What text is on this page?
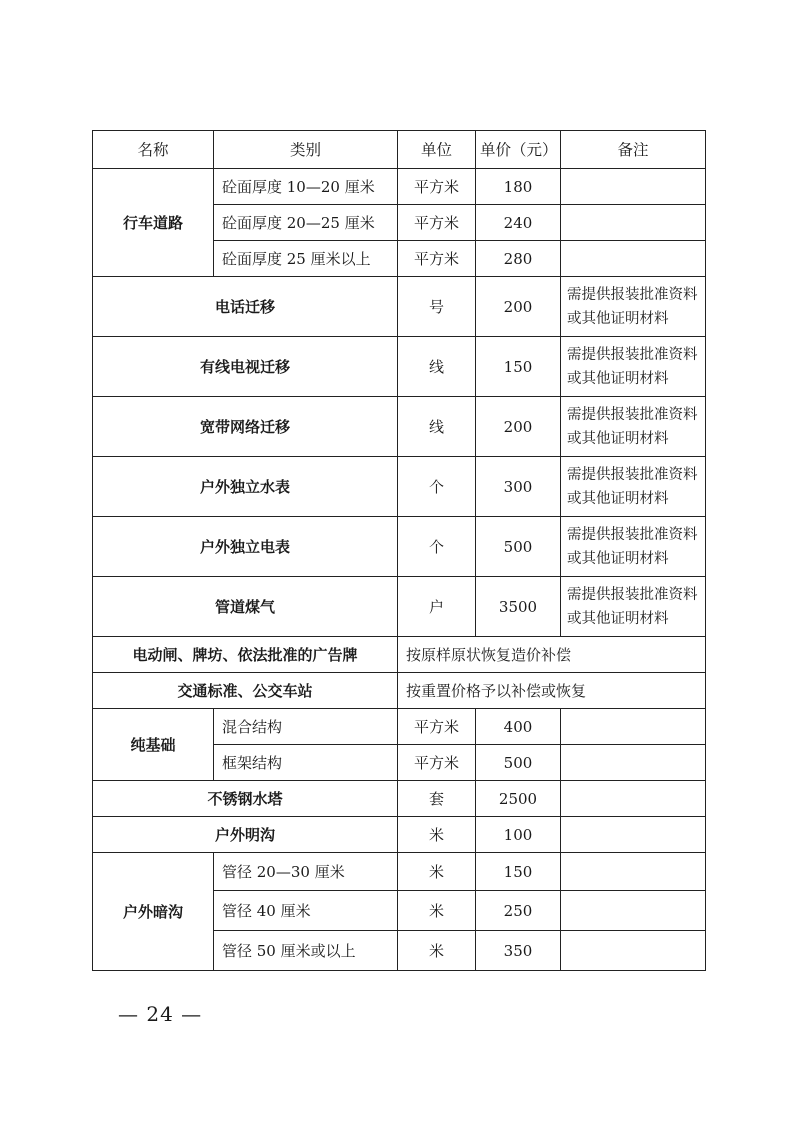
名称	类别	单位	单价（元）	备注
行车道路	砼面厚度 10—20 厘米	平方米	180	
	砼面厚度 20—25 厘米	平方米	240	
	砼面厚度 25 厘米以上	平方米	280	
电话迁移		号	200	需提供报装批准资料或其他证明材料
有线电视迁移		线	150	需提供报装批准资料或其他证明材料
宽带网络迁移		线	200	需提供报装批准资料或其他证明材料
户外独立水表		个	300	需提供报装批准资料或其他证明材料
户外独立电表		个	500	需提供报装批准资料或其他证明材料
管道煤气		户	3500	需提供报装批准资料或其他证明材料
电动闸、牌坊、依法批准的广告牌		按原样原状恢复造价补偿		
交通标准、公交车站		按重置价格予以补偿或恢复		
纯基础	混合结构	平方米	400	
	框架结构	平方米	500	
不锈钢水塔		套	2500	
户外明沟		米	100	
户外暗沟	管径 20—30 厘米	米	150	
	管径 40 厘米	米	250	
	管径 50 厘米或以上	米	350	
— 24 —
